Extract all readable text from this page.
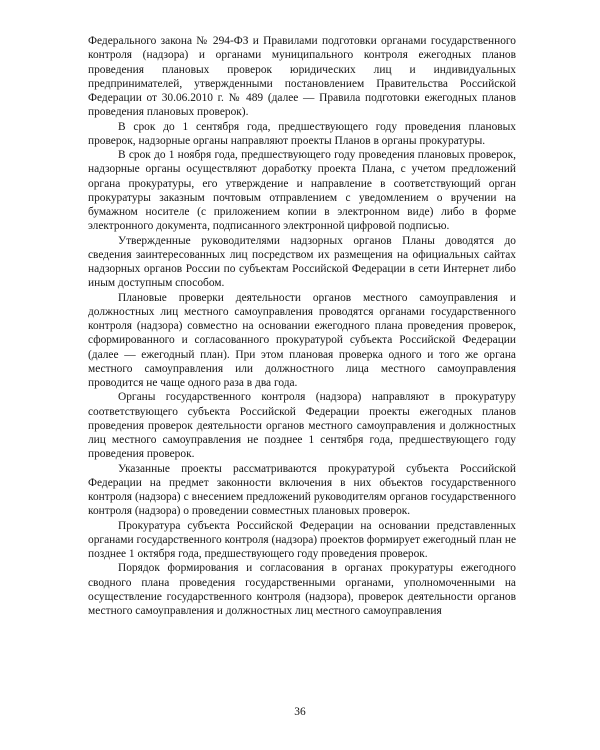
Федерального закона № 294-ФЗ и Правилами подготовки органами государственного контроля (надзора) и органами муниципального контроля ежегодных планов проведения плановых проверок юридических лиц и индивидуальных предпринимателей, утвержденными постановлением Правительства Российской Федерации от 30.06.2010 г. № 489 (далее — Правила подготовки ежегодных планов проведения плановых проверок).

В срок до 1 сентября года, предшествующего году проведения плановых проверок, надзорные органы направляют проекты Планов в органы прокуратуры.

В срок до 1 ноября года, предшествующего году проведения плановых проверок, надзорные органы осуществляют доработку проекта Плана, с учетом предложений органа прокуратуры, его утверждение и направление в соответствующий орган прокуратуры заказным почтовым отправлением с уведомлением о вручении на бумажном носителе (с приложением копии в электронном виде) либо в форме электронного документа, подписанного электронной цифровой подписью.

Утвержденные руководителями надзорных органов Планы доводятся до сведения заинтересованных лиц посредством их размещения на официальных сайтах надзорных органов России по субъектам Российской Федерации в сети Интернет либо иным доступным способом.

Плановые проверки деятельности органов местного самоуправления и должностных лиц местного самоуправления проводятся органами государственного контроля (надзора) совместно на основании ежегодного плана проведения проверок, сформированного и согласованного прокуратурой субъекта Российской Федерации (далее — ежегодный план). При этом плановая проверка одного и того же органа местного самоуправления или должностного лица местного самоуправления проводится не чаще одного раза в два года.

Органы государственного контроля (надзора) направляют в прокуратуру соответствующего субъекта Российской Федерации проекты ежегодных планов проведения проверок деятельности органов местного самоуправления и должностных лиц местного самоуправления не позднее 1 сентября года, предшествующего году проведения проверок.

Указанные проекты рассматриваются прокуратурой субъекта Российской Федерации на предмет законности включения в них объектов государственного контроля (надзора) с внесением предложений руководителям органов государственного контроля (надзора) о проведении совместных плановых проверок.

Прокуратура субъекта Российской Федерации на основании представленных органами государственного контроля (надзора) проектов формирует ежегодный план не позднее 1 октября года, предшествующего году проведения проверок.

Порядок формирования и согласования в органах прокуратуры ежегодного сводного плана проведения государственными органами, уполномоченными на осуществление государственного контроля (надзора), проверок деятельности органов местного самоуправления и должностных лиц местного самоуправления

36
